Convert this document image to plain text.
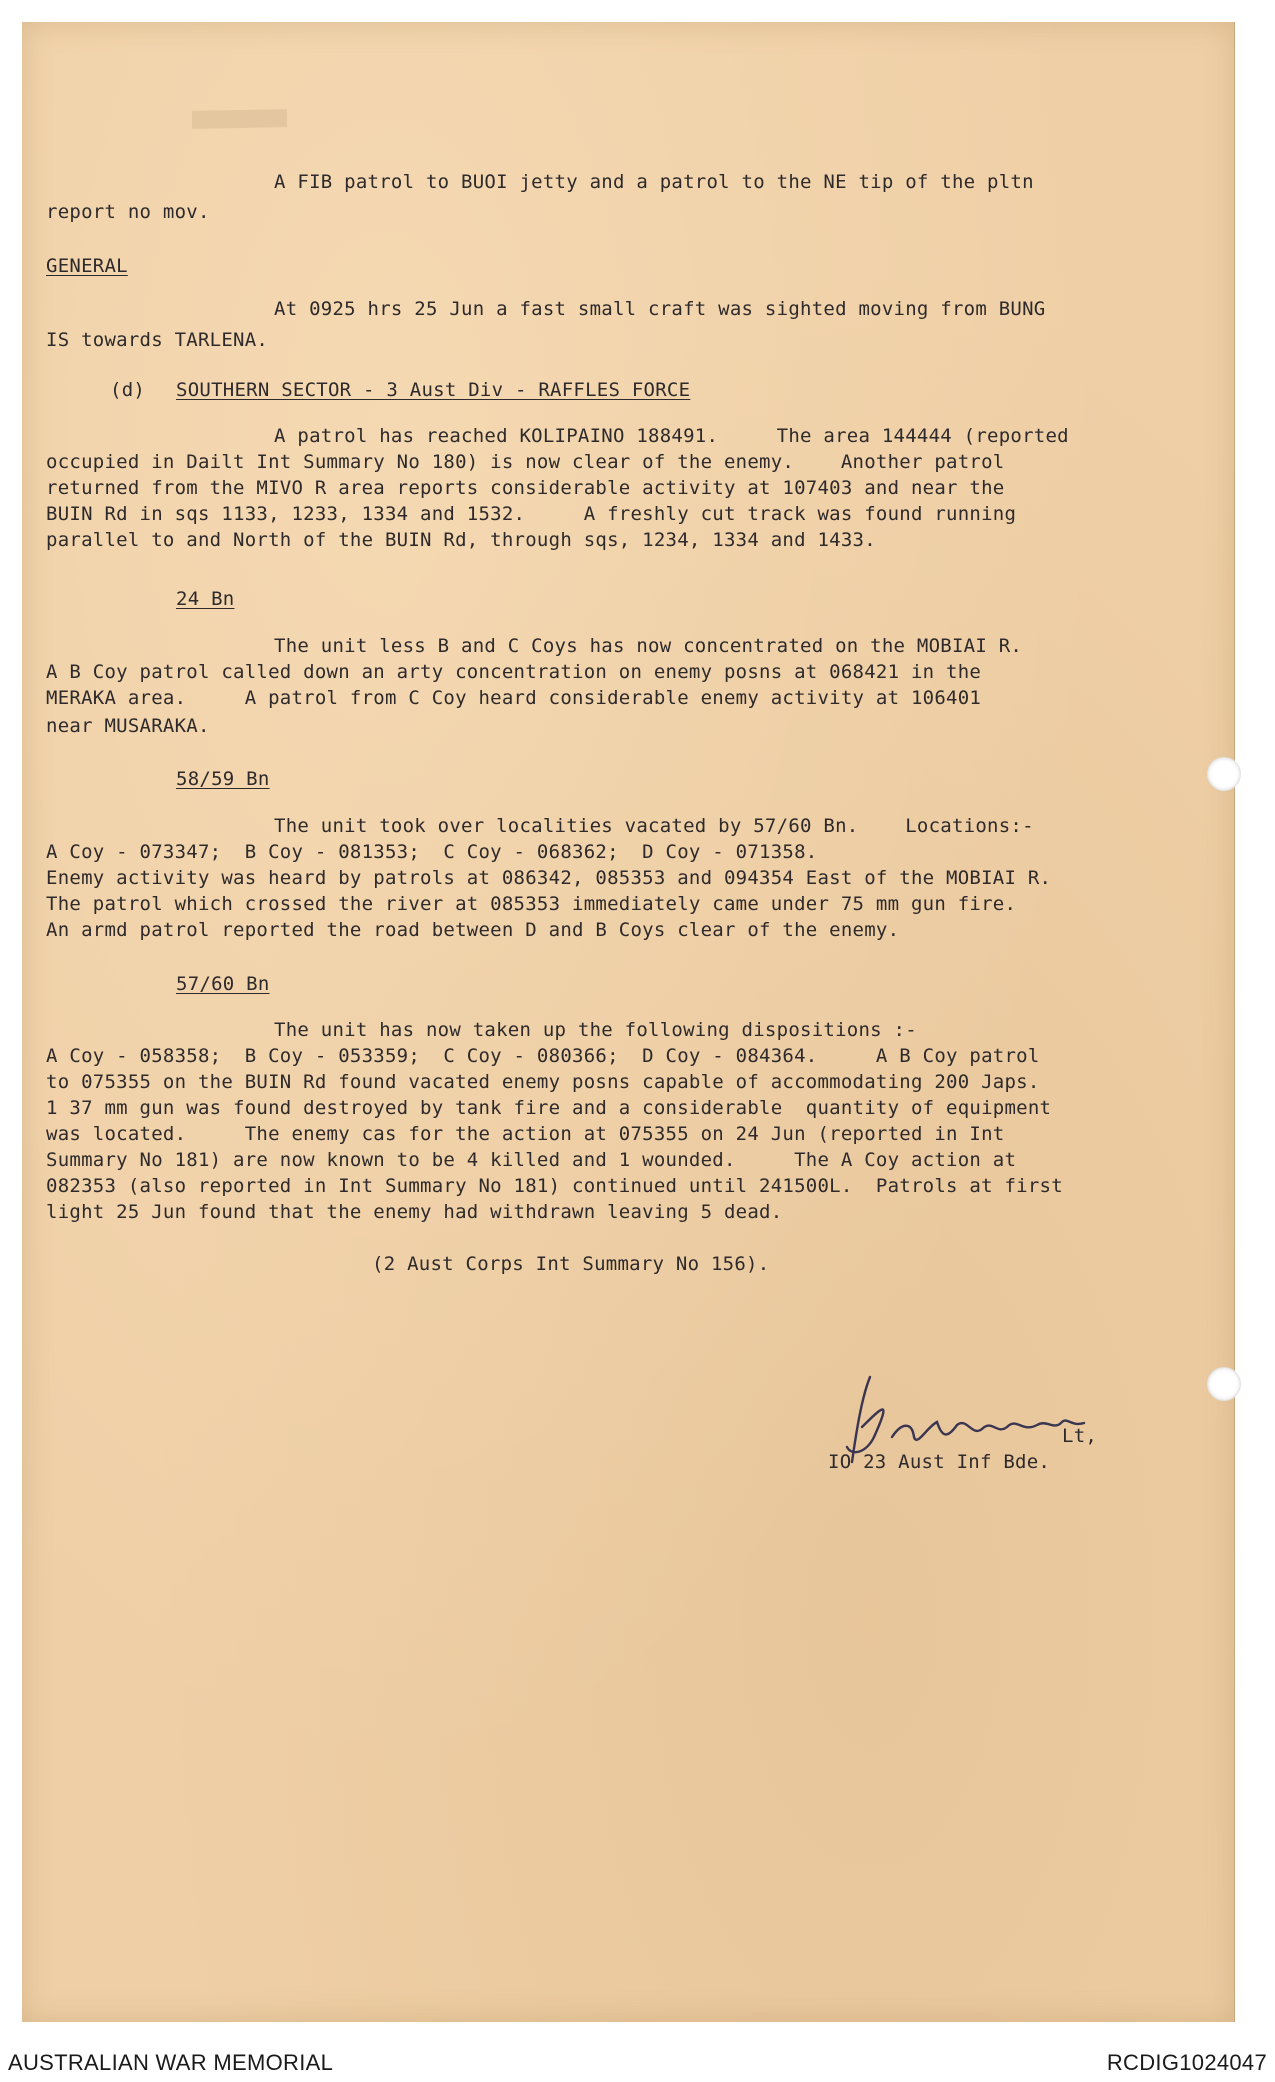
A FIB patrol to BUOI jetty and a patrol to the NE tip of the pltn
report no mov.
GENERAL
At 0925 hrs 25 Jun a fast small craft was sighted moving from BUNG
IS towards TARLENA.
(d) SOUTHERN SECTOR - 3 Aust Div - RAFFLES FORCE
A patrol has reached KOLIPAINO 188491.     The area 144444 (reported
occupied in Dailt Int Summary No 180) is now clear of the enemy.    Another patrol
returned from the MIVO R area reports considerable activity at 107403 and near the
BUIN Rd in sqs 1133, 1233, 1334 and 1532.     A freshly cut track was found running
parallel to and North of the BUIN Rd, through sqs, 1234, 1334 and 1433.
24 Bn
The unit less B and C Coys has now concentrated on the MOBIAI R.
A B Coy patrol called down an arty concentration on enemy posns at 068421 in the
MERAKA area.     A patrol from C Coy heard considerable enemy activity at 106401
near MUSARAKA.
58/59 Bn
The unit took over localities vacated by 57/60 Bn.    Locations:-
A Coy - 073347;  B Coy - 081353;  C Coy - 068362;  D Coy - 071358.
Enemy activity was heard by patrols at 086342, 085353 and 094354 East of the MOBIAI R.
The patrol which crossed the river at 085353 immediately came under 75 mm gun fire.
An armd patrol reported the road between D and B Coys clear of the enemy.
57/60 Bn
The unit has now taken up the following dispositions :-
A Coy - 058358;  B Coy - 053359;  C Coy - 080366;  D Coy - 084364.     A B Coy patrol
to 075355 on the BUIN Rd found vacated enemy posns capable of accommodating 200 Japs.
1 37 mm gun was found destroyed by tank fire and a considerable  quantity of equipment
was located.     The enemy cas for the action at 075355 on 24 Jun (reported in Int
Summary No 181) are now known to be 4 killed and 1 wounded.     The A Coy action at
082353 (also reported in Int Summary No 181) continued until 241500L.  Patrols at first
light 25 Jun found that the enemy had withdrawn leaving 5 dead.
(2 Aust Corps Int Summary No 156).
Lt,
IO 23 Aust Inf Bde.
AUSTRALIAN WAR MEMORIAL	RCDIG1024047
